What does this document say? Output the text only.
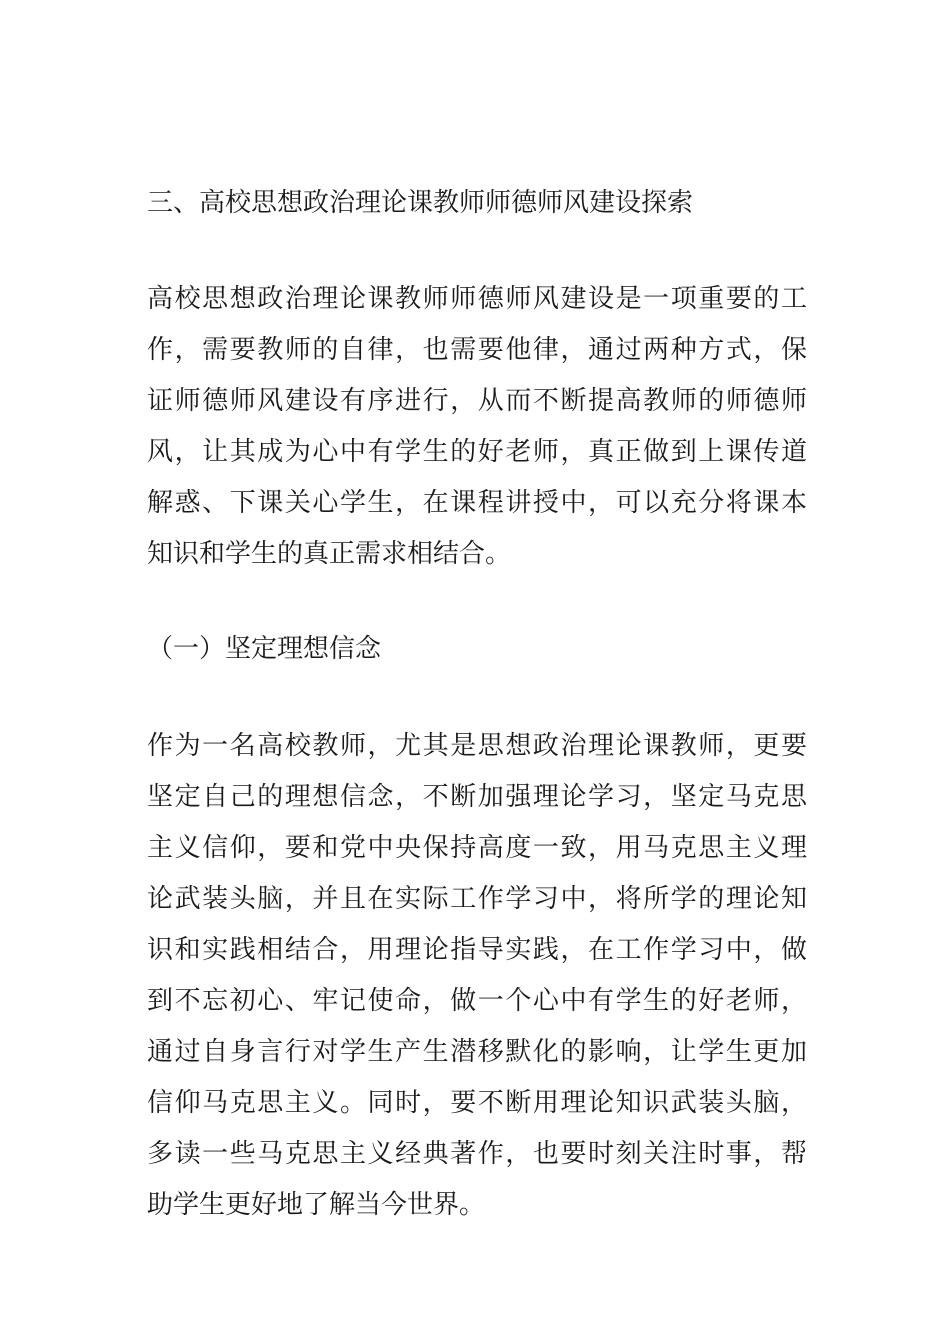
三、高校思想政治理论课教师师德师风建设探索
高校思想政治理论课教师师德师风建设是一项重要的工
作，需要教师的自律，也需要他律，通过两种方式，保
证师德师风建设有序进行，从而不断提高教师的师德师
风，让其成为心中有学生的好老师，真正做到上课传道
解惑、下课关心学生，在课程讲授中，可以充分将课本
知识和学生的真正需求相结合。
（一）坚定理想信念
作为一名高校教师，尤其是思想政治理论课教师，更要
坚定自己的理想信念，不断加强理论学习，坚定马克思
主义信仰，要和党中央保持高度一致，用马克思主义理
论武装头脑，并且在实际工作学习中，将所学的理论知
识和实践相结合，用理论指导实践，在工作学习中，做
到不忘初心、牢记使命，做一个心中有学生的好老师，
通过自身言行对学生产生潜移默化的影响，让学生更加
信仰马克思主义。同时，要不断用理论知识武装头脑，
多读一些马克思主义经典著作，也要时刻关注时事，帮
助学生更好地了解当今世界。
